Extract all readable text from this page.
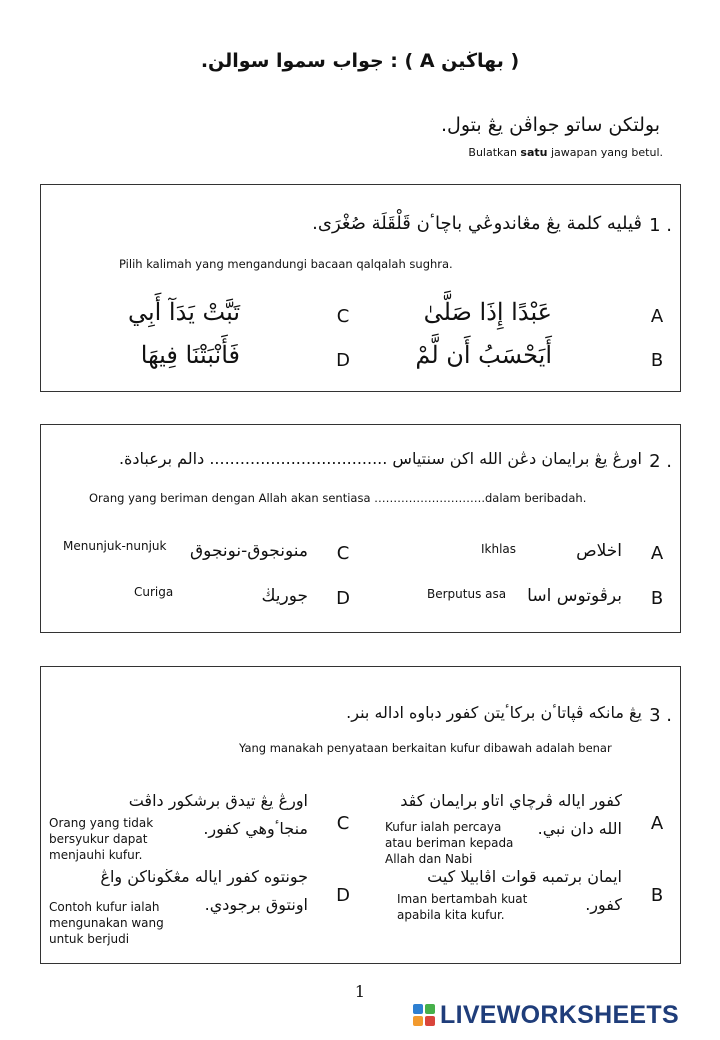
( بهاڬين A ) : جواب سموا سوالن.
بولتکن ساتو جواڤن يڠ بتول.
Bulatkan satu jawapan yang betul.
1 .
ڤيليه كلمة يڠ مڠاندوڠي باچاٴن قَلْقَلَة صُغْرَى.
Pilih kalimah yang mengandungi bacaan qalqalah sughra.
A
عَبْدًا إِذَا صَلَّىٰ
B
أَيَحْسَبُ أَن لَّمْ
C
تَبَّتْ يَدَآ أَبِي
D
فَأَنْبَتْنَا فِيهَا
2 .
اورڠ يڠ برايمان دڠن الله اكن سنتياس ................................... دالم بر‌عبادة.
Orang yang beriman dengan Allah akan sentiasa ………………………..dalam beribadah.
A
اخلاص
Ikhlas
B
برڤوتوس اسا
Berputus asa
C
منونجوق-نونجوق
Menunjuk-nunjuk
D
جوريڬ
Curiga
3 .
يڠ مانكه ڤڽاتاٴن بركاٴيتن كفور دباوه اداله بنر.
Yang manakah penyataan berkaitan kufur dibawah adalah benar
A
كفور اياله ڤرچاي اتاو برايمان كڤد الله دان نبي.
Kufur ialah percaya atau beriman kepada Allah dan Nabi
B
ايمان برتمبه قوات اڤابيلا كيت كفور.
Iman bertambah kuat apabila kita kufur.
C
اورڠ يڠ تيدق برشكور داڤت منجاٴوهي كفور.
Orang yang tidak bersyukur dapat menjauhi kufur.
D
جونتوه كفور اياله مڠڬوناكن واڠ اونتوق برجودي.
Contoh kufur ialah mengunakan wang untuk berjudi
1
LIVEWORKSHEETS
